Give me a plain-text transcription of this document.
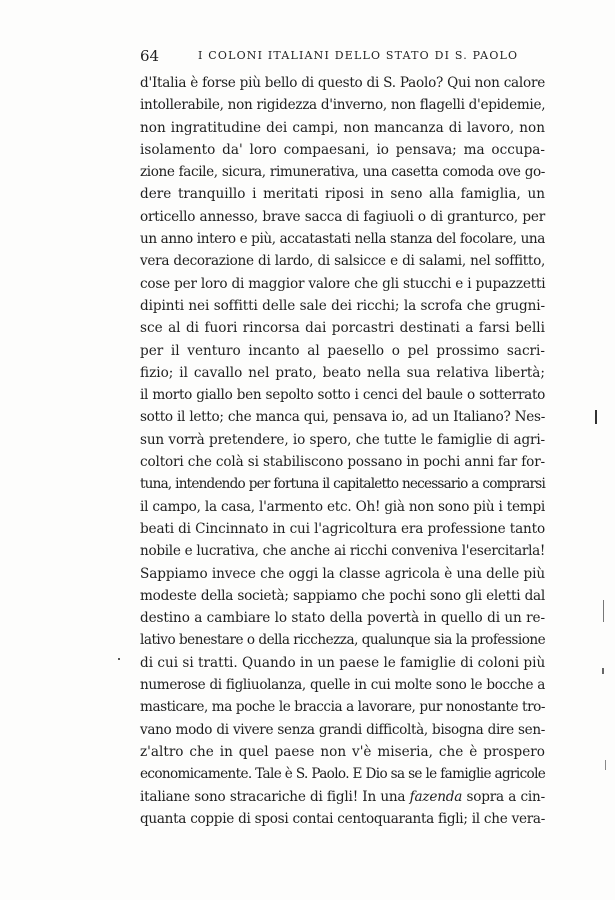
64	I COLONI ITALIANI DELLO STATO DI S. PAOLO
d'Italia è forse più bello di questo di S. Paolo? Qui non calore
intollerabile, non rigidezza d'inverno, non flagelli d'epidemie,
non ingratitudine dei campi, non mancanza di lavoro, non
isolamento da' loro compaesani, io pensava; ma occupa-
zione facile, sicura, rimunerativa, una casetta comoda ove go-
dere tranquillo i meritati riposi in seno alla famiglia, un
orticello annesso, brave sacca di fagiuoli o di granturco, per
un anno intero e più, accatastati nella stanza del focolare, una
vera decorazione di lardo, di salsicce e di salami, nel soffitto,
cose per loro di maggior valore che gli stucchi e i pupazzetti
dipinti nei soffitti delle sale dei ricchi; la scrofa che grugni-
sce al di fuori rincorsa dai porcastri destinati a farsi belli
per il venturo incanto al paesello o pel prossimo sacri-
fizio; il cavallo nel prato, beato nella sua relativa libertà;
il morto giallo ben sepolto sotto i cenci del baule o sotterrato
sotto il letto; che manca qui, pensava io, ad un Italiano? Nes-
sun vorrà pretendere, io spero, che tutte le famiglie di agri-
coltori che colà si stabiliscono possano in pochi anni far for-
tuna, intendendo per fortuna il capitaletto necessario a comprarsi
il campo, la casa, l'armento etc. Oh! già non sono più i tempi
beati di Cincinnato in cui l'agricoltura era professione tanto
nobile e lucrativa, che anche ai ricchi conveniva l'esercitarla!
Sappiamo invece che oggi la classe agricola è una delle più
modeste della società; sappiamo che pochi sono gli eletti dal
destino a cambiare lo stato della povertà in quello di un re-
lativo benestare o della ricchezza, qualunque sia la professione
di cui si tratti. Quando in un paese le famiglie di coloni più
numerose di figliuolanza, quelle in cui molte sono le bocche a
masticare, ma poche le braccia a lavorare, pur nonostante tro-
vano modo di vivere senza grandi difficoltà, bisogna dire sen-
z'altro che in quel paese non v'è miseria, che è prospero
economicamente. Tale è S. Paolo. E Dio sa se le famiglie agricole
italiane sono stracariche di figli! In una fazenda sopra a cin-
quanta coppie di sposi contai centoquaranta figli; il che vera-
